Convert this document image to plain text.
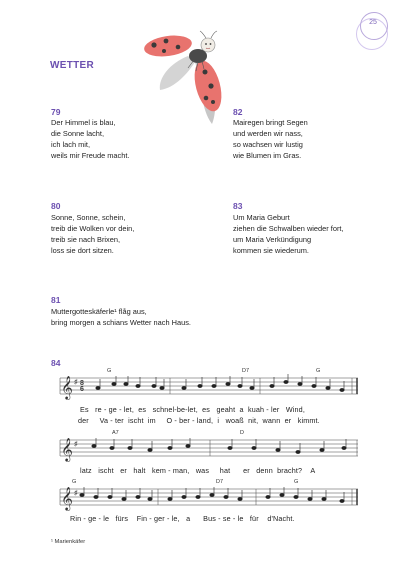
25
WETTER
79
Der Himmel is blau,
die Sonne lacht,
ich lach mit,
weils mir Freude macht.
82
Mairegen bringt Segen
und werden wir nass,
so wachsen wir lustig
wie Blumen im Gras.
80
Sonne, Sonne, schein,
treib die Wolken vor dein,
treib sie nach Brixen,
loss sie dort sitzen.
83
Um Maria Geburt
ziehen die Schwalben wieder fort,
um Maria Verkündigung
kommen sie wiederum.
81
Muttergotteskäferle¹ flåg aus,
bring morgen a schians Wetter nach Haus.
84
G	D7	G
𝄞 ♯
6
8
Es   re - ge - let,  es   schnel-be-let,  es   geaht  a  kuah - ler   Wind,
der     Va - ter  ischt  im     O - ber - land,  i   woaß  nit,  wann  er   kimmt.
A7	D
𝄞 ♯
latz   ischt   er   halt   kem - man,   was     hat      er   denn  bracht?    A
G	D7	G
𝄞 ♯
Rin - ge - le   fürs    Fin - ger - le,   a      Bus - se - lе   für    d'Nacht.
¹ Marienkäfer
